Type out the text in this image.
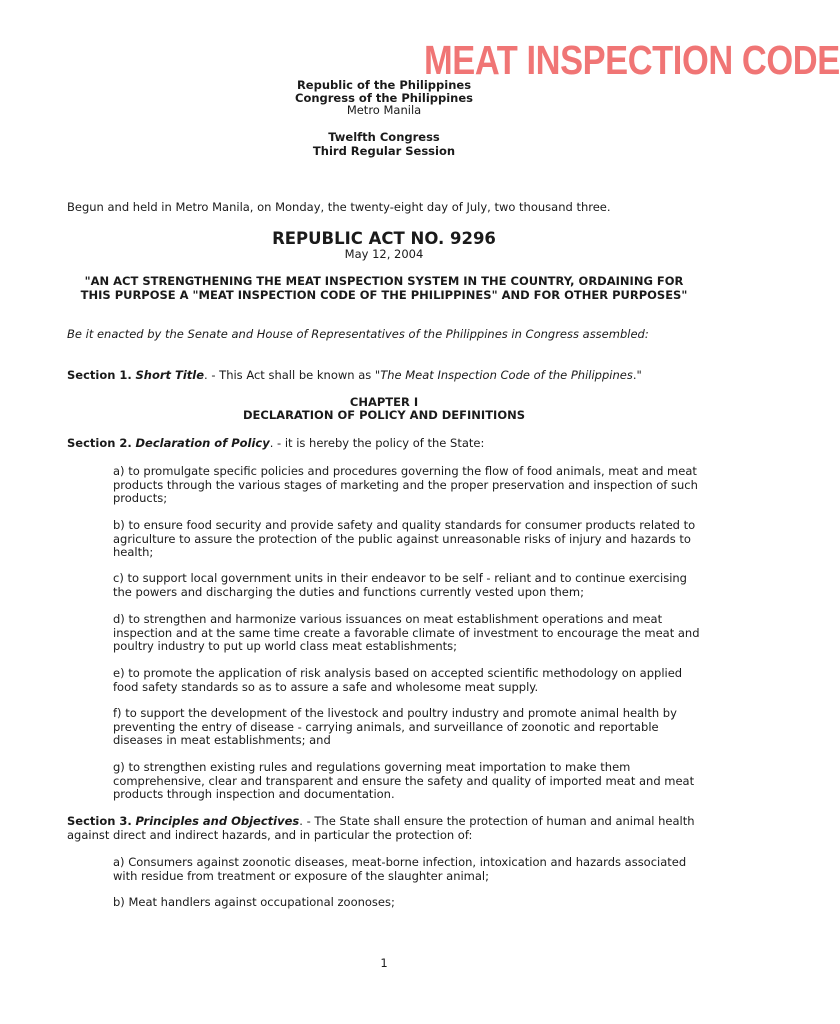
MEAT INSPECTION CODE
Republic of the Philippines
Congress of the Philippines
Metro Manila
Twelfth Congress
Third Regular Session
Begun and held in Metro Manila, on Monday, the twenty-eight day of July, two thousand three.
REPUBLIC ACT NO. 9296
May 12, 2004
"AN ACT STRENGTHENING THE MEAT INSPECTION SYSTEM IN THE COUNTRY, ORDAINING FOR THIS PURPOSE A "MEAT INSPECTION CODE OF THE PHILIPPINES" AND FOR OTHER PURPOSES"
Be it enacted by the Senate and House of Representatives of the Philippines in Congress assembled:
Section 1. Short Title. - This Act shall be known as "The Meat Inspection Code of the Philippines."
CHAPTER I
DECLARATION OF POLICY AND DEFINITIONS
Section 2. Declaration of Policy. - it is hereby the policy of the State:
a) to promulgate specific policies and procedures governing the flow of food animals, meat and meat products through the various stages of marketing and the proper preservation and inspection of such products;
b) to ensure food security and provide safety and quality standards for consumer products related to agriculture to assure the protection of the public against unreasonable risks of injury and hazards to health;
c) to support local government units in their endeavor to be self - reliant and to continue exercising the powers and discharging the duties and functions currently vested upon them;
d) to strengthen and harmonize various issuances on meat establishment operations and meat inspection and at the same time create a favorable climate of investment to encourage the meat and poultry industry to put up world class meat establishments;
e) to promote the application of risk analysis based on accepted scientific methodology on applied food safety standards so as to assure a safe and wholesome meat supply.
f) to support the development of the livestock and poultry industry and promote animal health by preventing the entry of disease - carrying animals, and surveillance of zoonotic and reportable diseases in meat establishments; and
g) to strengthen existing rules and regulations governing meat importation to make them comprehensive, clear and transparent and ensure the safety and quality of imported meat and meat products through inspection and documentation.
Section 3. Principles and Objectives. - The State shall ensure the protection of human and animal health against direct and indirect hazards, and in particular the protection of:
a) Consumers against zoonotic diseases, meat-borne infection, intoxication and hazards associated with residue from treatment or exposure of the slaughter animal;
b) Meat handlers against occupational zoonoses;
1
